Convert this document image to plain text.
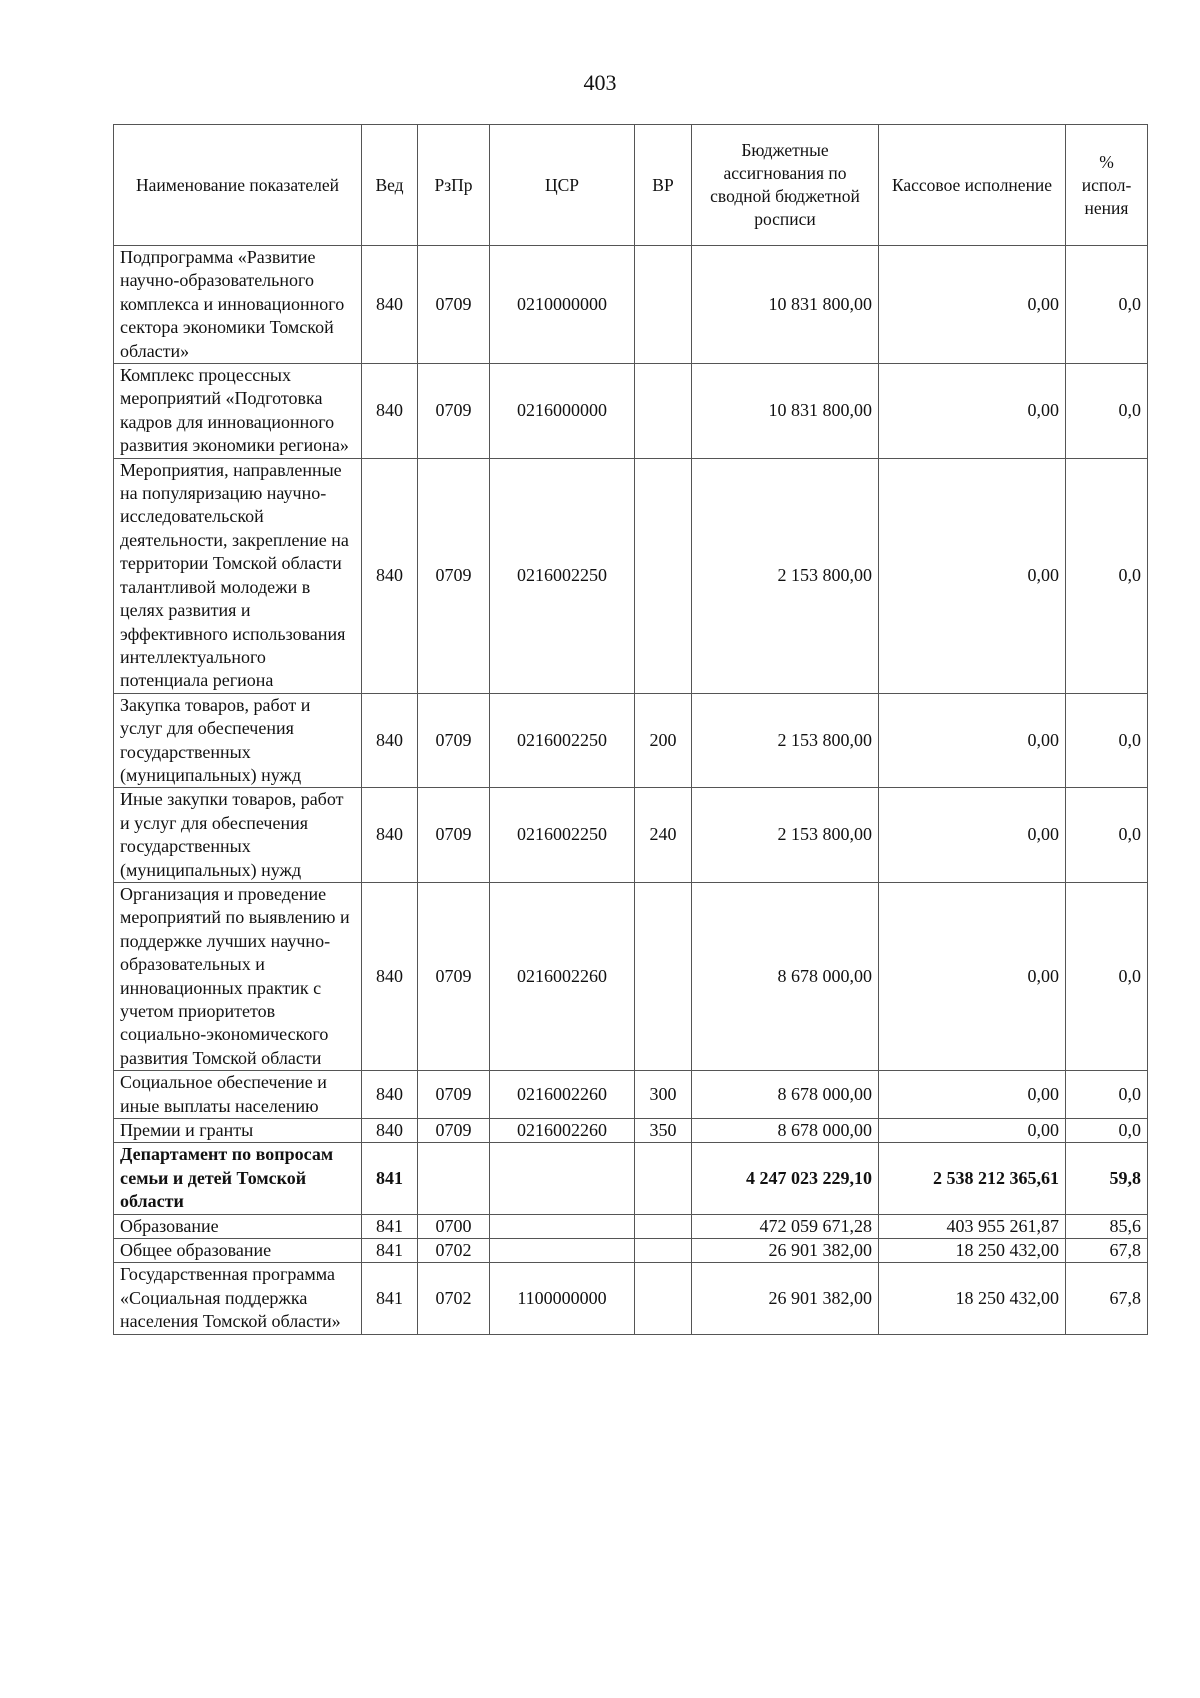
403
Наименование показателей	Вед	РзПр	ЦСР	ВР	Бюджетные ассигнования по сводной бюджетной росписи	Кассовое исполнение	% испол-нения
Подпрограмма «Развитие научно-образовательного комплекса и инновационного сектора экономики Томской области»	840	0709	0210000000		10 831 800,00	0,00	0,0
Комплекс процессных мероприятий «Подготовка кадров для инновационного развития экономики региона»	840	0709	0216000000		10 831 800,00	0,00	0,0
Мероприятия, направленные на популяризацию научно-исследовательской деятельности, закрепление на территории Томской области талантливой молодежи в целях развития и эффективного использования интеллектуального потенциала региона	840	0709	0216002250		2 153 800,00	0,00	0,0
Закупка товаров, работ и услуг для обеспечения государственных (муниципальных) нужд	840	0709	0216002250	200	2 153 800,00	0,00	0,0
Иные закупки товаров, работ и услуг для обеспечения государственных (муниципальных) нужд	840	0709	0216002250	240	2 153 800,00	0,00	0,0
Организация и проведение мероприятий по выявлению и поддержке лучших научно-образовательных и инновационных практик с учетом приоритетов социально-экономического развития Томской области	840	0709	0216002260		8 678 000,00	0,00	0,0
Социальное обеспечение и иные выплаты населению	840	0709	0216002260	300	8 678 000,00	0,00	0,0
Премии и гранты	840	0709	0216002260	350	8 678 000,00	0,00	0,0
Департамент по вопросам семьи и детей Томской области	841				4 247 023 229,10	2 538 212 365,61	59,8
Образование	841	0700			472 059 671,28	403 955 261,87	85,6
Общее образование	841	0702			26 901 382,00	18 250 432,00	67,8
Государственная программа «Социальная поддержка населения Томской области»	841	0702	1100000000		26 901 382,00	18 250 432,00	67,8
